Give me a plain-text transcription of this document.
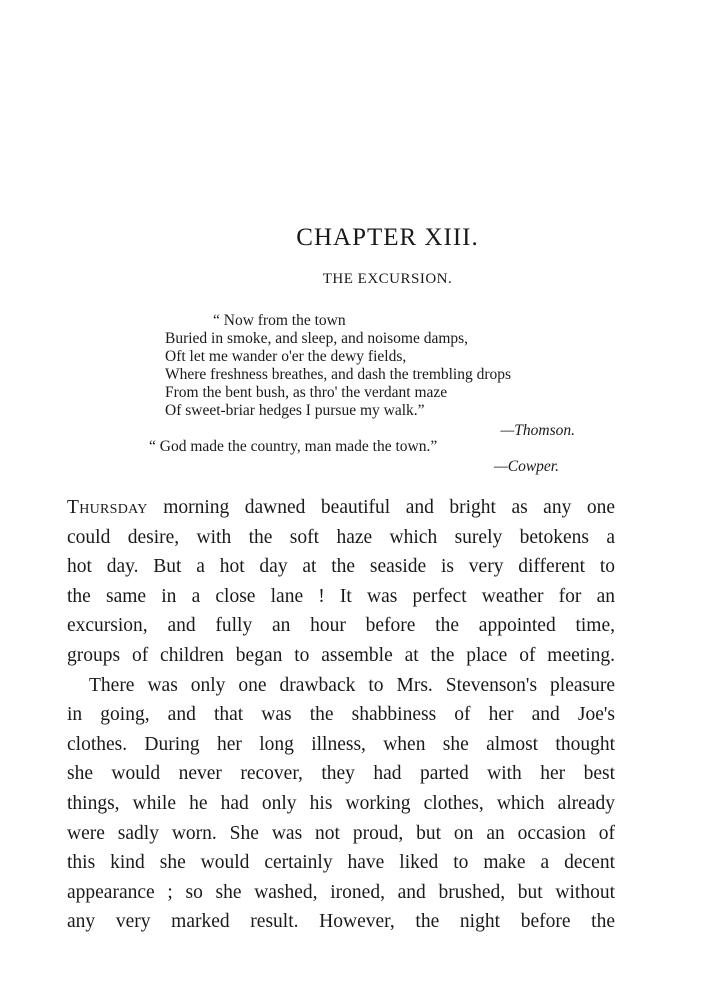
CHAPTER XIII.
THE EXCURSION.
“ Now from the town
Buried in smoke, and sleep, and noisome damps,
Oft let me wander o'er the dewy fields,
Where freshness breathes, and dash the trembling drops
From the bent bush, as thro' the verdant maze
Of sweet-briar hedges I pursue my walk.”
—Thomson.
“ God made the country, man made the town.”
—Cowper.
Thursday morning dawned beautiful and bright as any one
could desire, with the soft haze which surely betokens a
hot day. But a hot day at the seaside is very different to
the same in a close lane ! It was perfect weather for an
excursion, and fully an hour before the appointed time,
groups of children began to assemble at the place of meeting.
There was only one drawback to Mrs. Stevenson's pleasure
in going, and that was the shabbiness of her and Joe's
clothes. During her long illness, when she almost thought
she would never recover, they had parted with her best
things, while he had only his working clothes, which already
were sadly worn. She was not proud, but on an occasion of
this kind she would certainly have liked to make a decent
appearance ; so she washed, ironed, and brushed, but without
any very marked result. However, the night before the
